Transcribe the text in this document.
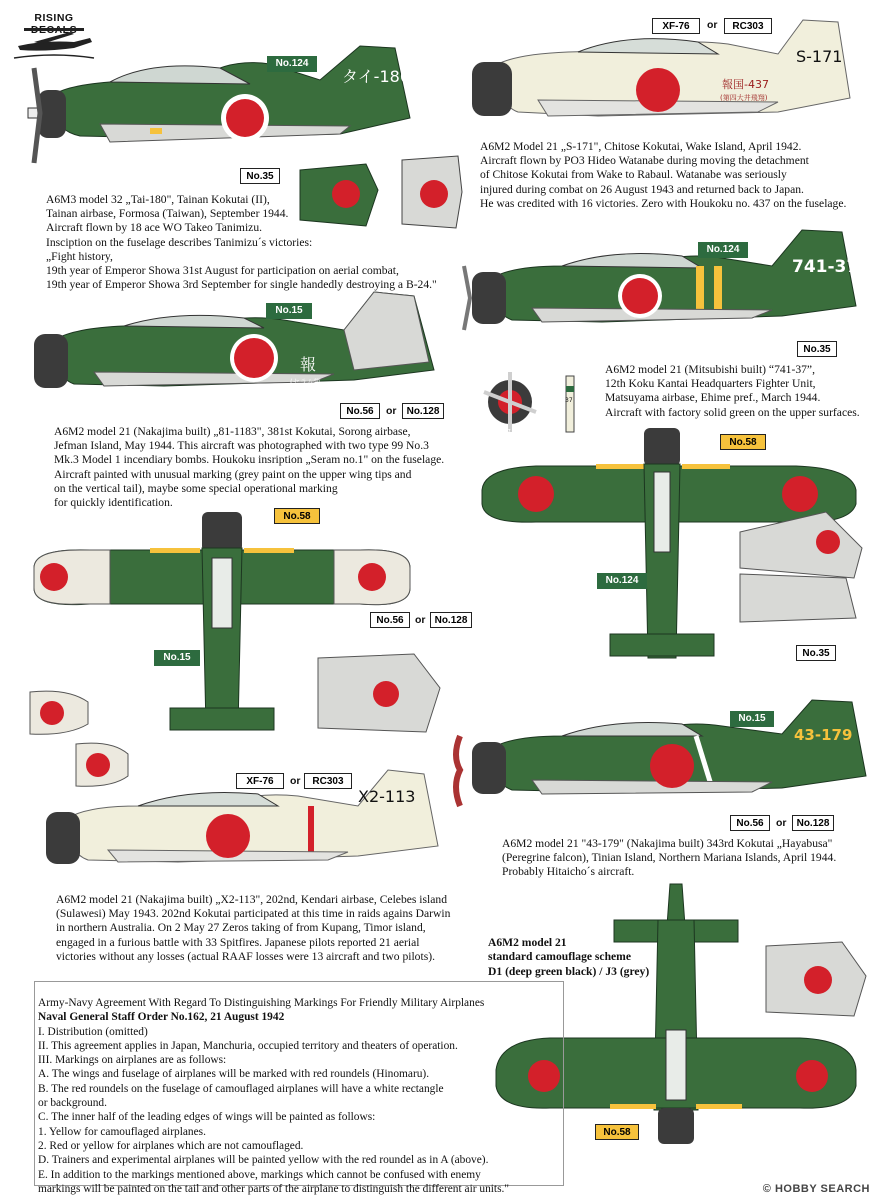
RISING
タイ-180
No.124
No.35
A6M3 model 32 „Tai-180", Tainan Kokutai (II),
Tainan airbase, Formosa (Taiwan), September 1944.
Aircraft flown by 18 ace WO Takeo Tanimizu.
Insciption on the fuselage describes Tanimizu´s victories:
„Fight history,
19th year of Emperor Showa 31st August for participation on aerial combat,
19th year of Emperor Showa 3rd September for single handedly destroying a B-24."
S-171
報国-437
(第四大井飛翔)
XF-76	or	RC303
A6M2 Model 21 „S-171", Chitose Kokutai, Wake Island, April 1942.
Aircraft flown by PO3 Hideo Watanabe during moving the detachment
of Chitose Kokutai from Wake to Rabaul. Watanabe was seriously
injured during combat on 26 August 1943 and returned back to Japan.
He was credited with 16 victories. Zero with Houkoku no. 437 on the fuselage.
741-37
No.124
No.35
A6M2 model 21 (Mitsubishi built) “741-37”,
12th Koku Kantai Headquarters Fighter Unit,
Matsuyama airbase, Ehime pref., March 1944.
Aircraft with factory solid green on the upper surfaces.
報
(セラム第...
No.15
No.56	or	No.128
A6M2 model 21 (Nakajima built) „81-1183", 381st Kokutai, Sorong airbase,
Jefman Island, May 1944. This aircraft was photographed with two type 99 No.3
Mk.3 Model 1 incendiary bombs. Houkoku insription „Seram no.1" on the fuselage.
Aircraft painted with unusual marking (grey paint on the upper wing tips and
on the vertical tail), maybe some special operational marking
for quickly identification.
37
37
No.58
No.56	or No.128
No.15
No.58
No.124
No.35
43-179
No.15
No.56	or	No.128
A6M2 model 21 "43-179" (Nakajima built) 343rd Kokutai „Hayabusa"
(Peregrine falcon), Tinian Island, Northern Mariana Islands, April 1944.
Probably Hitaicho´s aircraft.
X2-113
XF-76	or	RC303
A6M2 model 21 (Nakajima built) „X2-113", 202nd, Kendari airbase, Celebes island
(Sulawesi) May 1943. 202nd Kokutai participated at this time in raids agains Darwin
in northern Australia. On 2 May 27 Zeros taking of from Kupang, Timor island,
engaged in a furious battle with 33 Spitfires. Japanese pilots reported 21 aerial
victories without any losses (actual RAAF losses were 13 aircraft and two pilots).
A6M2 model 21
standard camouflage scheme
D1 (deep green black) / J3 (grey)
No.58
Army-Navy Agreement With Regard To Distinguishing Markings For Friendly Military Airplanes
Naval General Staff Order No.162, 21 August 1942
I. Distribution (omitted)
II. This agreement applies in Japan, Manchuria, occupied territory and theaters of operation.
III. Markings on airplanes are as follows:
A. The wings and fuselage of airplanes will be marked with red roundels (Hinomaru).
B. The red roundels on the fuselage of camouflaged airplanes will have a white rectangle
or background.
C. The inner half of the leading edges of wings will be painted as follows:
1. Yellow for camouflaged airplanes.
2. Red or yellow for airplanes which are not camouflaged.
D. Trainers and experimental airplanes will be painted yellow with the red roundel as in A (above).
E. In addition to the markings mentioned above, markings which cannot be confused with enemy
markings will be painted on the tail and other parts of the airplane to distinguish the different air units."	© HOBBY SEARCH
